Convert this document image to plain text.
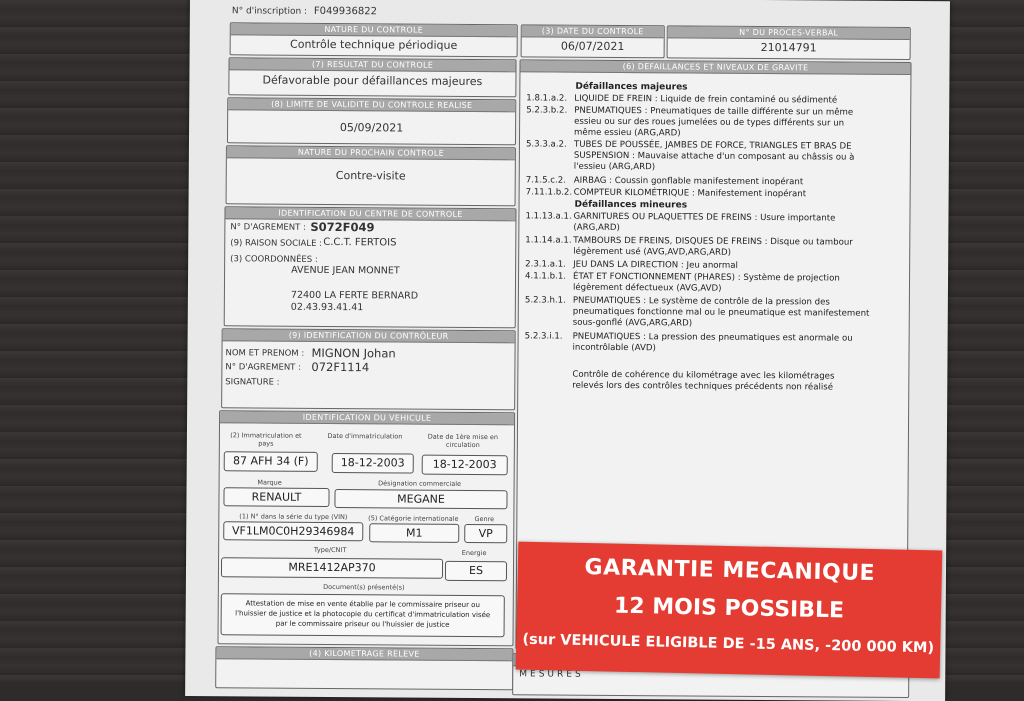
N° d'inscription : F049936822
NATURE DU CONTROLE
Contrôle technique périodique
(3) DATE DU CONTROLE
06/07/2021
N° DU PROCES-VERBAL
21014791
(7) RESULTAT DU CONTROLE
Défavorable pour défaillances majeures
(8) LIMITE DE VALIDITE DU CONTROLE REALISE
05/09/2021
NATURE DU PROCHAIN CONTROLE
Contre-visite
IDENTIFICATION DU CENTRE DE CONTROLE
N° D'AGREMENT : S072F049
(9) RAISON SOCIALE : C.C.T. FERTOIS
(3) COORDONNÉES :
AVENUE JEAN MONNET
72400 LA FERTE BERNARD
02.43.93.41.41
(9) IDENTIFICATION DU CONTRÔLEUR
NOM ET PRENOM : MIGNON Johan
N° D'AGREMENT : 072F1114
SIGNATURE :
IDENTIFICATION DU VEHICULE
(2) Immatriculation et pays
Date d'immatriculation	Date de 1ère mise en circulation
87 AFH 34 (F)	18-12-2003	18-12-2003
Marque	Désignation commerciale
RENAULT	MEGANE
(1) N° dans la série du type (VIN)	(5) Catégorie internationale	Genre
VF1LM0C0H29346984	M1	VP
Type/CNIT	Energie
MRE1412AP370	ES
Document(s) présenté(s)
Attestation de mise en vente établie par le commissaire priseur ou l'huissier de justice et la photocopie du certificat d'immatriculation visée par le commissaire priseur ou l'huissier de justice
(4) KILOMETRAGE RELEVE
(6) DEFAILLANCES ET NIVEAUX DE GRAVITE
Défaillances majeures
1.8.1.a.2. LIQUIDE DE FREIN : Liquide de frein contaminé ou sédimenté
5.2.3.b.2. PNEUMATIQUES : Pneumatiques de taille différente sur un même essieu ou sur des roues jumelées ou de types différents sur un même essieu (ARG,ARD)
5.3.3.a.2. TUBES DE POUSSÉE, JAMBES DE FORCE, TRIANGLES ET BRAS DE SUSPENSION : Mauvaise attache d'un composant au châssis ou à l'essieu (ARG,ARD)
7.1.5.c.2. AIRBAG : Coussin gonflable manifestement inopérant
7.11.1.b.2.COMPTEUR KILOMÉTRIQUE : Manifestement inopérant
Défaillances mineures
1.1.13.a.1. GARNITURES OU PLAQUETTES DE FREINS : Usure importante (ARG,ARD)
1.1.14.a.1. TAMBOURS DE FREINS, DISQUES DE FREINS : Disque ou tambour légèrement usé (AVG,AVD,ARG,ARD)
2.3.1.a.1. JEU DANS LA DIRECTION : Jeu anormal
4.1.1.b.1. ÉTAT ET FONCTIONNEMENT (PHARES) : Système de projection légèrement défectueux (AVG,AVD)
5.2.3.h.1. PNEUMATIQUES : Le système de contrôle de la pression des pneumatiques fonctionne mal ou le pneumatique est manifestement sous-gonflé (AVG,ARG,ARD)
5.2.3.i.1. PNEUMATIQUES : La pression des pneumatiques est anormale ou incontrôlable (AVD)
Contrôle de cohérence du kilométrage avec les kilométrages relevés lors des contrôles techniques précédents non réalisé
MESURES
GARANTIE MECANIQUE
12 MOIS POSSIBLE
(sur VEHICULE ELIGIBLE DE -15 ANS, -200 000 KM)
